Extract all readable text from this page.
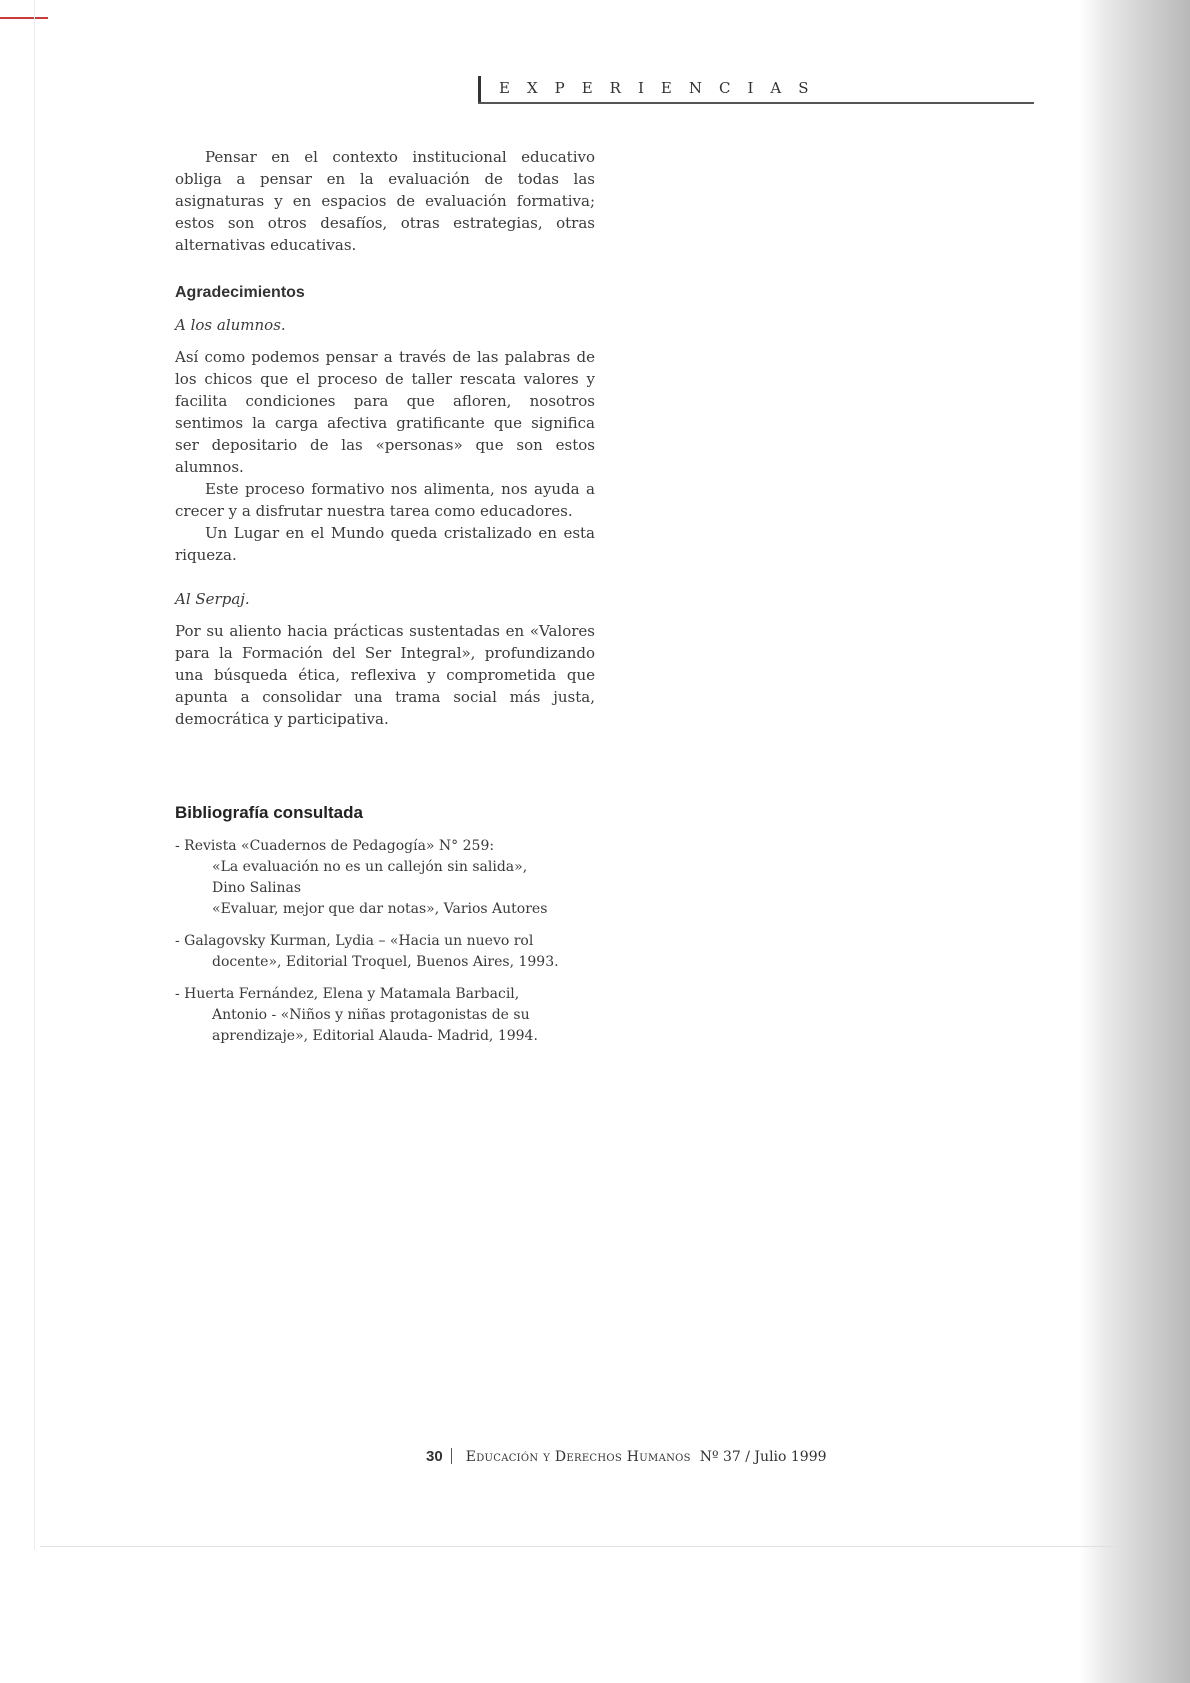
EXPERIENCIAS

Pensar en el contexto institucional educativo obliga a pensar en la evaluación de todas las asignaturas y en espacios de evaluación formativa; estos son otros desafíos, otras estrategias, otras alternativas educativas.

Agradecimientos

A los alumnos.

Así como podemos pensar a través de las palabras de los chicos que el proceso de taller rescata valores y facilita condiciones para que afloren, nosotros sentimos la carga afectiva gratificante que significa ser depositario de las «personas» que son estos alumnos.

Este proceso formativo nos alimenta, nos ayuda a crecer y a disfrutar nuestra tarea como educadores.

Un Lugar en el Mundo queda cristalizado en esta riqueza.

Al Serpaj.

Por su aliento hacia prácticas sustentadas en «Valores para la Formación del Ser Integral», profundizando una búsqueda ética, reflexiva y comprometida que apunta a consolidar una trama social más justa, democrática y participativa.

Bibliografía consultada
- Revista «Cuadernos de Pedagogía» N° 259:
«La evaluación no es un callejón sin salida»,
Dino Salinas
«Evaluar, mejor que dar notas», Varios Autores
- Galagovsky Kurman, Lydia – «Hacia un nuevo rol
docente», Editorial Troquel, Buenos Aires, 1993.
- Huerta Fernández, Elena y Matamala Barbacil,
Antonio - «Niños y niñas protagonistas de su
aprendizaje», Editorial Alauda- Madrid, 1994.
30 Educación y Derechos Humanos Nº 37 / Julio 1999
